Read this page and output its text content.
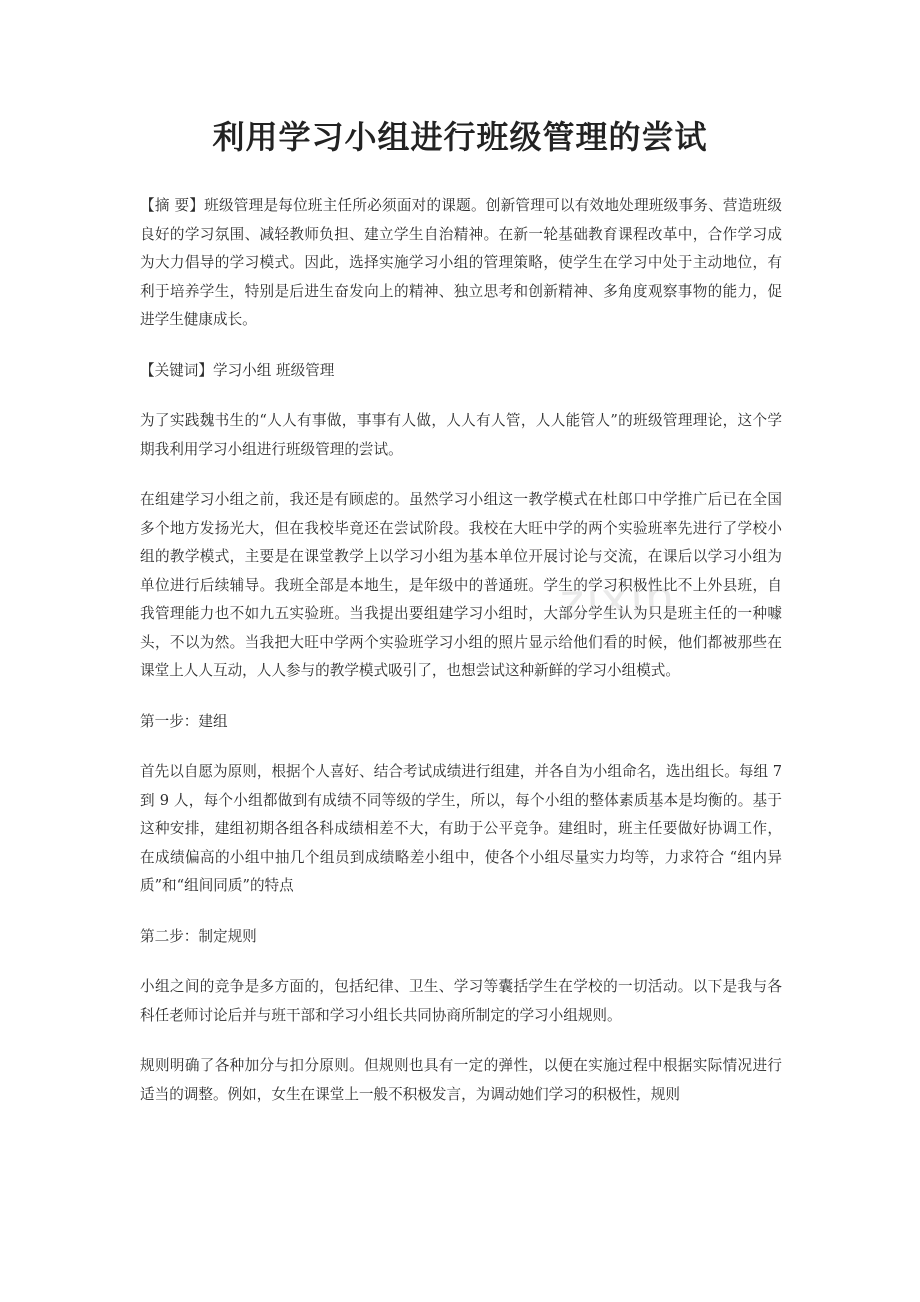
利用学习小组进行班级管理的尝试

【摘 要】班级管理是每位班主任所必须面对的课题。创新管理可以有效地处理班级事务、营造班级良好的学习氛围、减轻教师负担、建立学生自治精神。在新一轮基础教育课程改革中，合作学习成为大力倡导的学习模式。因此，选择实施学习小组的管理策略，使学生在学习中处于主动地位，有利于培养学生，特别是后进生奋发向上的精神、独立思考和创新精神、多角度观察事物的能力，促进学生健康成长。

【关键词】学习小组 班级管理

为了实践魏书生的“人人有事做，事事有人做，人人有人管，人人能管人”的班级管理理论，这个学期我利用学习小组进行班级管理的尝试。

在组建学习小组之前，我还是有顾虑的。虽然学习小组这一教学模式在杜郎口中学推广后已在全国多个地方发扬光大，但在我校毕竟还在尝试阶段。我校在大旺中学的两个实验班率先进行了学校小组的教学模式，主要是在课堂教学上以学习小组为基本单位开展讨论与交流，在课后以学习小组为单位进行后续辅导。我班全部是本地生，是年级中的普通班。学生的学习积极性比不上外县班，自我管理能力也不如九五实验班。当我提出要组建学习小组时，大部分学生认为只是班主任的一种噱头，不以为然。当我把大旺中学两个实验班学习小组的照片显示给他们看的时候，他们都被那些在课堂上人人互动，人人参与的教学模式吸引了，也想尝试这种新鲜的学习小组模式。

第一步：建组

首先以自愿为原则，根据个人喜好、结合考试成绩进行组建，并各自为小组命名，选出组长。每组 7 到 9 人，每个小组都做到有成绩不同等级的学生，所以，每个小组的整体素质基本是均衡的。基于这种安排，建组初期各组各科成绩相差不大，有助于公平竞争。建组时，班主任要做好协调工作，在成绩偏高的小组中抽几个组员到成绩略差小组中，使各个小组尽量实力均等，力求符合 “组内异质”和“组间同质”的特点

第二步：制定规则

小组之间的竞争是多方面的，包括纪律、卫生、学习等囊括学生在学校的一切活动。以下是我与各科任老师讨论后并与班干部和学习小组长共同协商所制定的学习小组规则。

规则明确了各种加分与扣分原则。但规则也具有一定的弹性，以便在实施过程中根据实际情况进行适当的调整。例如，女生在课堂上一般不积极发言，为调动她们学习的积极性，规则

zixin
